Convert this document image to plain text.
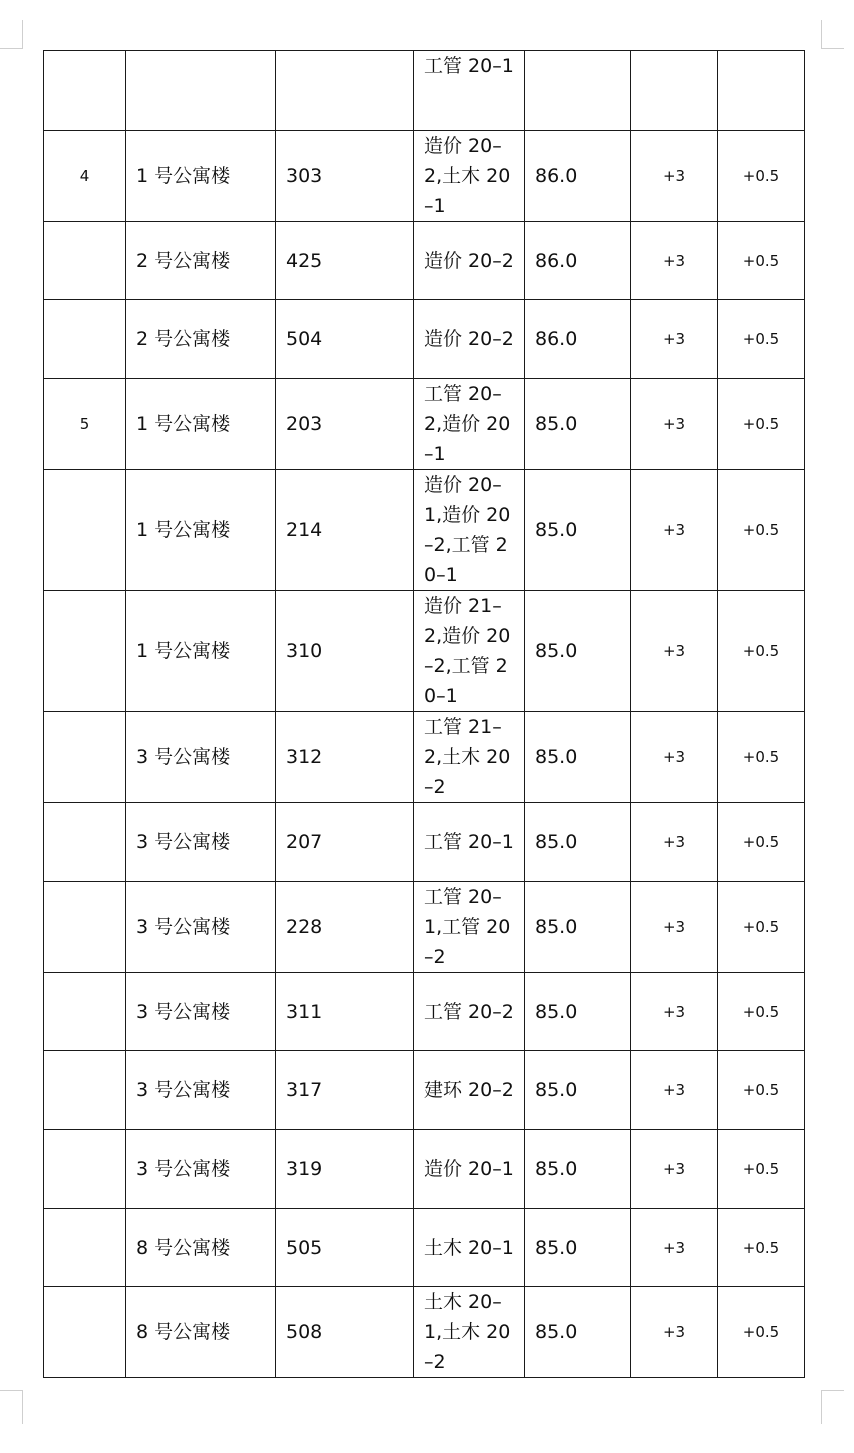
			工管 20–1			
4	1 号公寓楼	303	造价 20–2,土木 20–1	86.0	+3	+0.5
	2 号公寓楼	425	造价 20–2	86.0	+3	+0.5
	2 号公寓楼	504	造价 20–2	86.0	+3	+0.5
5	1 号公寓楼	203	工管 20–2,造价 20–1	85.0	+3	+0.5
	1 号公寓楼	214	造价 20–1,造价 20–2,工管 20–1	85.0	+3	+0.5
	1 号公寓楼	310	造价 21–2,造价 20–2,工管 20–1	85.0	+3	+0.5
	3 号公寓楼	312	工管 21–2,土木 20–2	85.0	+3	+0.5
	3 号公寓楼	207	工管 20–1	85.0	+3	+0.5
	3 号公寓楼	228	工管 20–1,工管 20–2	85.0	+3	+0.5
	3 号公寓楼	311	工管 20–2	85.0	+3	+0.5
	3 号公寓楼	317	建环 20–2	85.0	+3	+0.5
	3 号公寓楼	319	造价 20–1	85.0	+3	+0.5
	8 号公寓楼	505	土木 20–1	85.0	+3	+0.5
	8 号公寓楼	508	土木 20–1,土木 20–2	85.0	+3	+0.5
